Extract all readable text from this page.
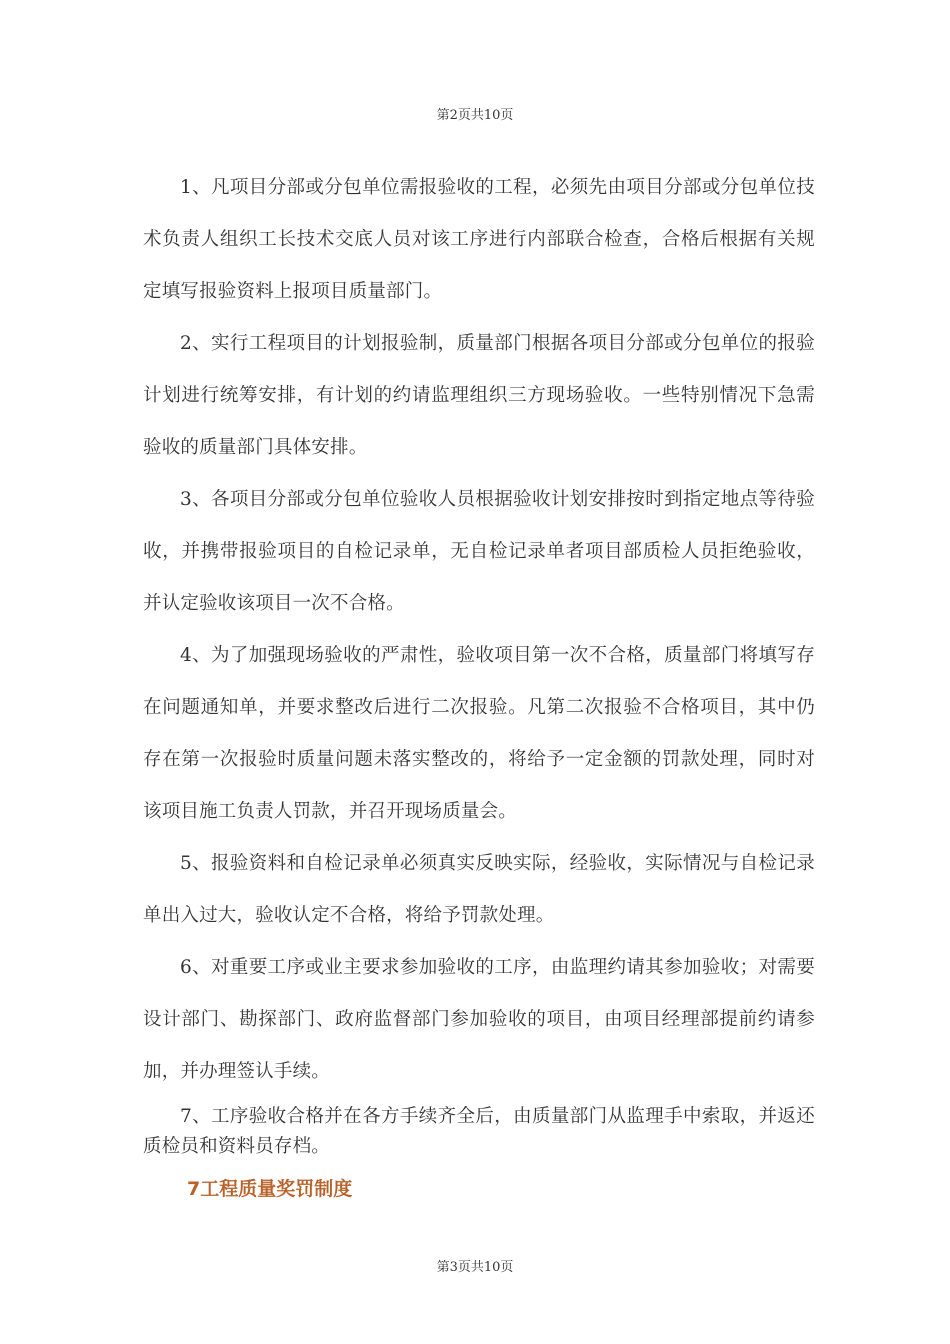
第2页共10页

1、凡项目分部或分包单位需报验收的工程，必须先由项目分部或分包单位技术负责人组织工长技术交底人员对该工序进行内部联合检查，合格后根据有关规定填写报验资料上报项目质量部门。

2、实行工程项目的计划报验制，质量部门根据各项目分部或分包单位的报验计划进行统筹安排，有计划的约请监理组织三方现场验收。一些特别情况下急需验收的质量部门具体安排。

3、各项目分部或分包单位验收人员根据验收计划安排按时到指定地点等待验收，并携带报验项目的自检记录单，无自检记录单者项目部质检人员拒绝验收，并认定验收该项目一次不合格。

4、为了加强现场验收的严肃性，验收项目第一次不合格，质量部门将填写存在问题通知单，并要求整改后进行二次报验。凡第二次报验不合格项目，其中仍存在第一次报验时质量问题未落实整改的，将给予一定金额的罚款处理，同时对该项目施工负责人罚款，并召开现场质量会。

5、报验资料和自检记录单必须真实反映实际，经验收，实际情况与自检记录单出入过大，验收认定不合格，将给予罚款处理。

6、对重要工序或业主要求参加验收的工序，由监理约请其参加验收；对需要设计部门、勘探部门、政府监督部门参加验收的项目，由项目经理部提前约请参加，并办理签认手续。

7、工序验收合格并在各方手续齐全后，由质量部门从监理手中索取，并返还质检员和资料员存档。

7工程质量奖罚制度
第3页共10页
